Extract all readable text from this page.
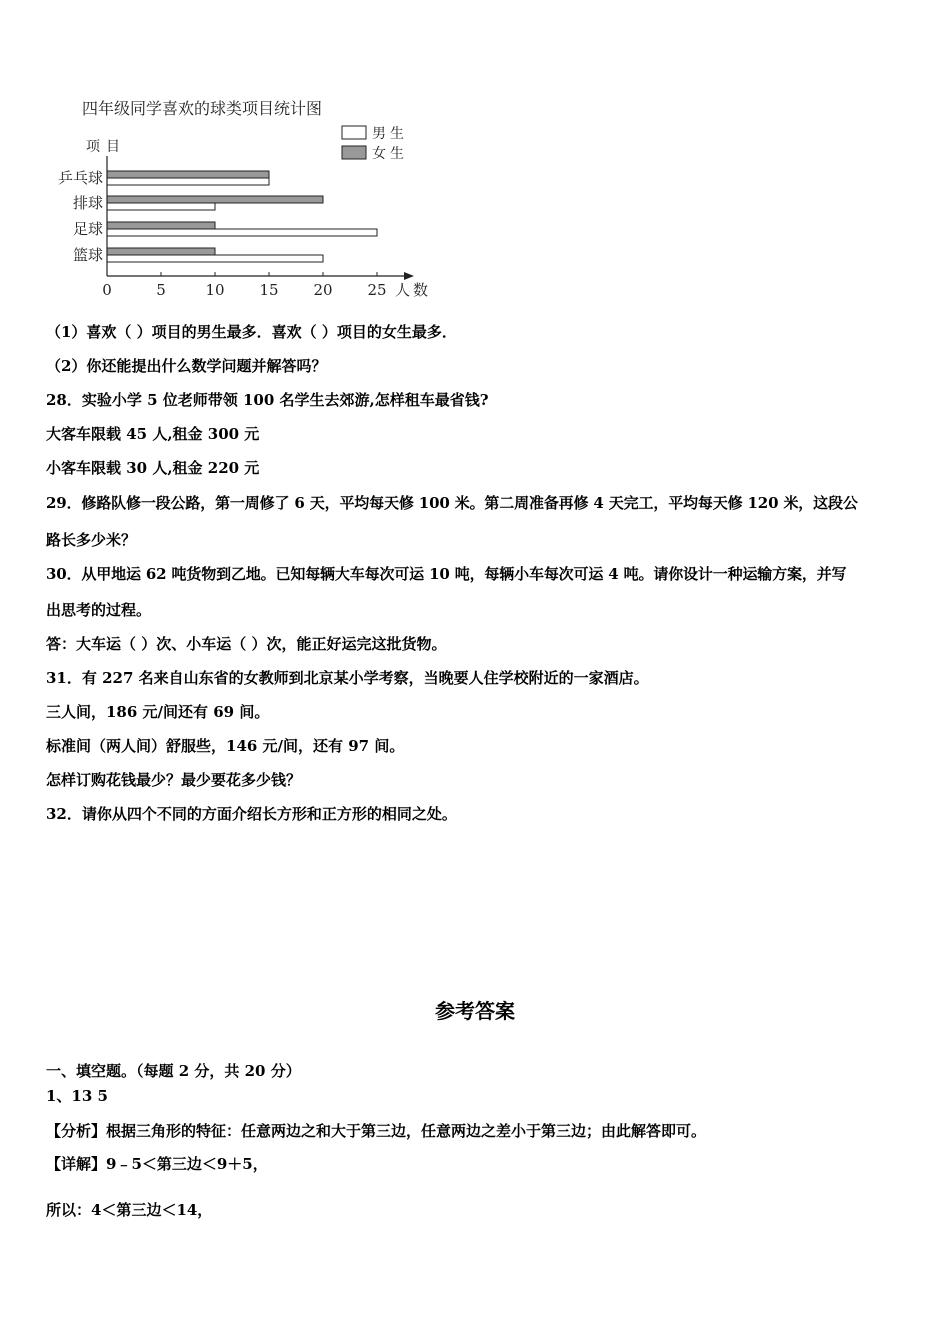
四年级同学喜欢的球类项目统计图
项目
男生
女生
乒乓球
排球
足球
篮球
0	5	10 15 20 25 人数
（1）喜欢（ ）项目的男生最多．喜欢（ ）项目的女生最多．
（2）你还能提出什么数学问题并解答吗？
28．实验小学 5 位老师带领 100 名学生去郊游,怎样租车最省钱?
大客车限载 45 人,租金 300 元
小客车限载 30 人,租金 220 元
29．修路队修一段公路，第一周修了 6 天，平均每天修 100 米。第二周准备再修 4 天完工，平均每天修 120 米，这段公
路长多少米？
30．从甲地运 62 吨货物到乙地。已知每辆大车每次可运 10 吨，每辆小车每次可运 4 吨。请你设计一种运输方案，并写
出思考的过程。
答：大车运（ ）次、小车运（ ）次，能正好运完这批货物。
31．有 227 名来自山东省的女教师到北京某小学考察，当晚要人住学校附近的一家酒店。
三人间，186 元/间还有 69 间。
标准间（两人间）舒服些，146 元/间，还有 97 间。
怎样订购花钱最少？最少要花多少钱？
32．请你从四个不同的方面介绍长方形和正方形的相同之处。
参考答案
一、填空题。（每题 2 分，共 20 分）
1、13 5
【分析】根据三角形的特征：任意两边之和大于第三边，任意两边之差小于第三边；由此解答即可。
【详解】9﹣5＜第三边＜9＋5，
所以：4＜第三边＜14，
